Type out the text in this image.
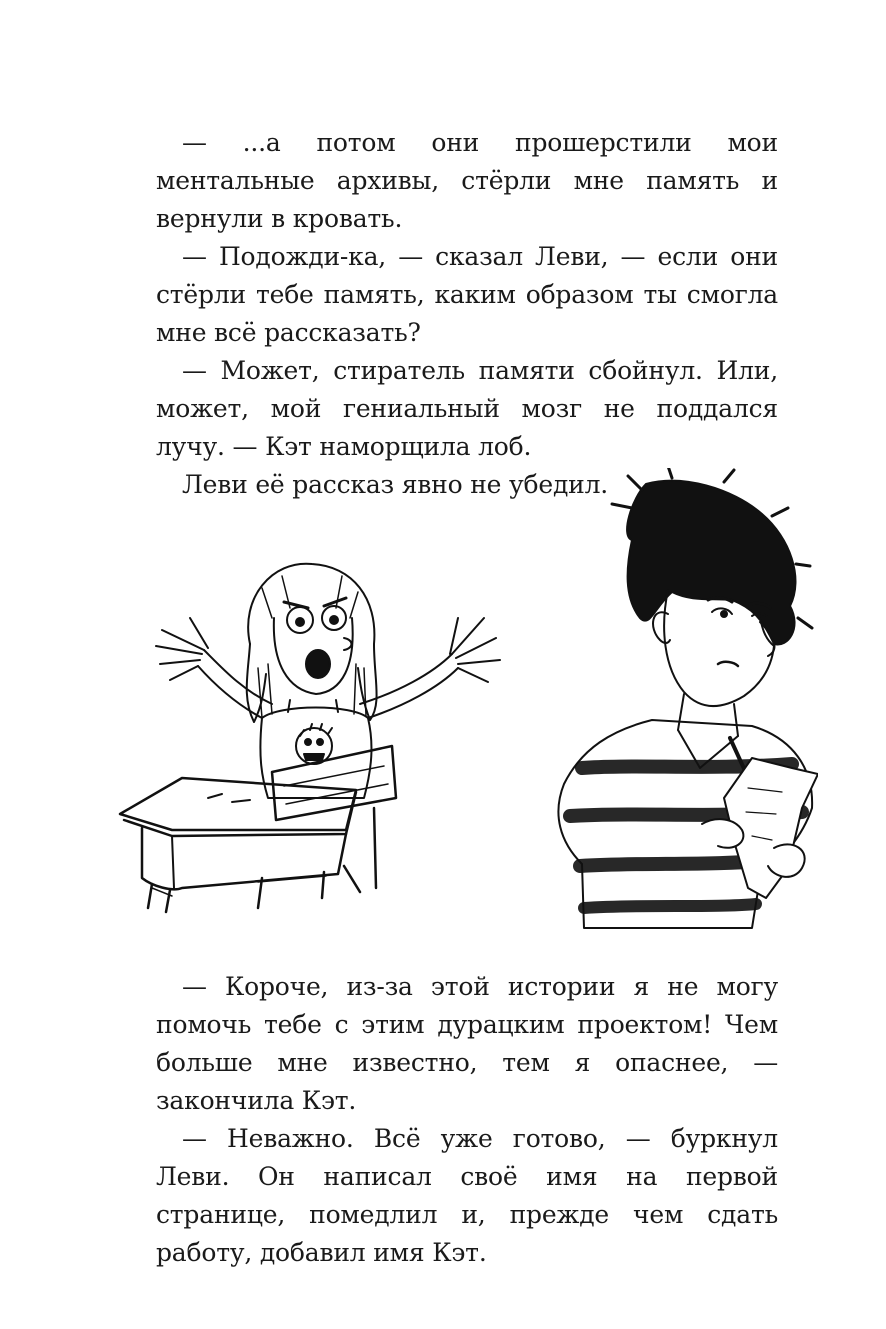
— ...а потом они прошерстили мои ментальные архивы, стёрли мне память и вернули в кровать.

— Подожди-ка, — сказал Леви, — если они стёрли тебе память, каким образом ты смогла мне всё рассказать?

— Может, стиратель памяти сбойнул. Или, может, мой гениальный мозг не поддался лучу. — Кэт наморщила лоб.

Леви её рассказ явно не убедил.

— Короче, из-за этой истории я не могу помочь тебе с этим дурацким проектом! Чем больше мне известно, тем я опаснее, — закончила Кэт.

— Неважно. Всё уже готово, — буркнул Леви. Он написал своё имя на первой странице, помедлил и, прежде чем сдать работу, добавил имя Кэт.
